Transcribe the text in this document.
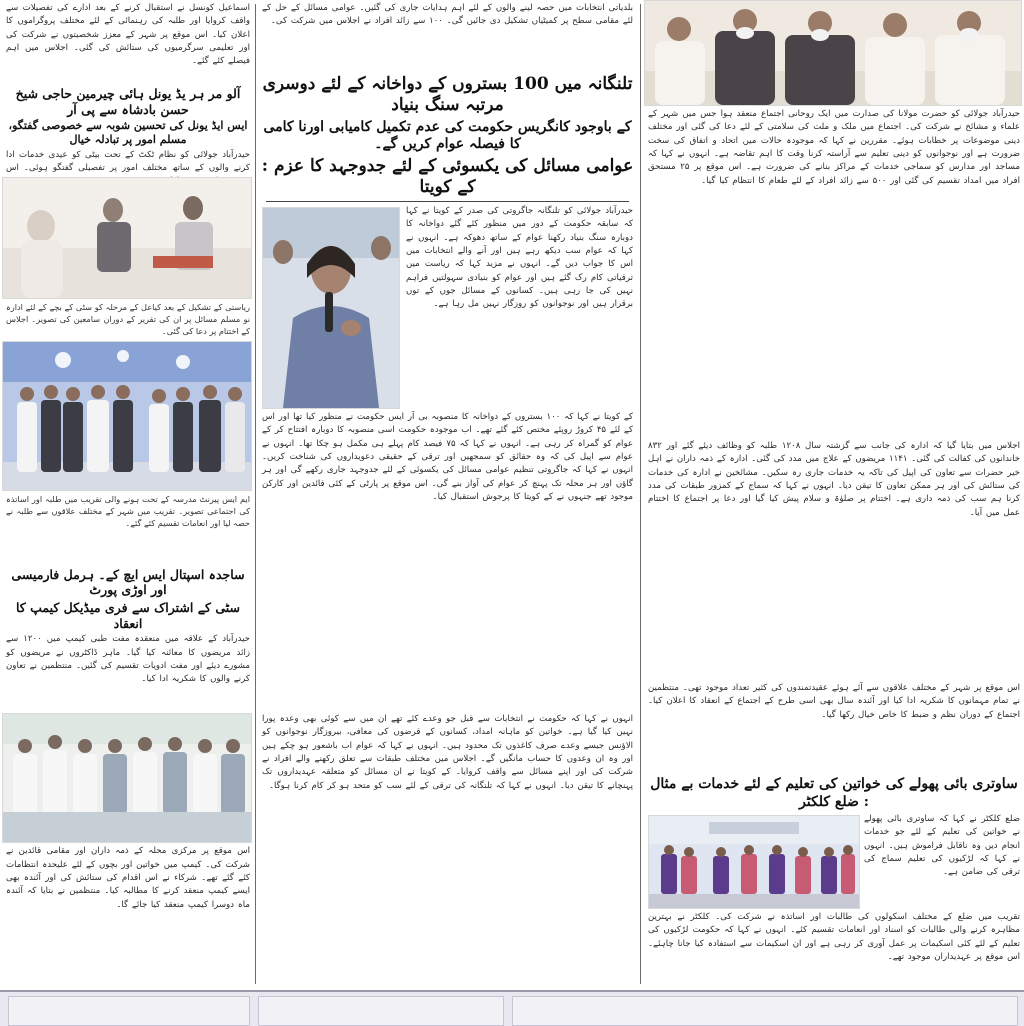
اسماعیل کونسل نے استقبال کرنے کے بعد ادارے کی تفصیلات سے واقف کروایا اور طلبہ کی رہنمائی کے لئے مختلف پروگراموں کا اعلان کیا۔ اس موقع پر شہر کے معزز شخصیتوں نے شرکت کی اور تعلیمی سرگرمیوں کی ستائش کی گئی۔ اجلاس میں اہم فیصلے کئے گئے۔
آلو مر ہر یڈ یونل ہائی چیرمین حاجی شیخ حسن بادشاہ سے پی آر
ایس ایڈ یونل کی تحسین شوبہ سے خصوصی گفتگو، مسلم امور پر تبادلہ خیال
حیدرآباد جولائی کو نظام ٹکٹ کے تحت بیٹی کو عیدی خدمات ادا کرنے والوں کے ساتھ مختلف امور پر تفصیلی گفتگو ہوئی۔ اس
ریاستی کے تشکیل کے بعد کیاعل کے مرحلہ کو سٹی کے بچے کے لئے ادارہ نو مسلم مسائل پر ان کی تقریر کے دوران سامعین کی تصویر۔ اجلاس کے اختتام پر دعا کی گئی۔
ایم ایس پیرنٹ مدرسہ کے تحت ہونے والی تقریب میں طلبہ اور اساتذہ کی اجتماعی تصویر۔ تقریب میں شہر کے مختلف علاقوں سے طلبہ نے حصہ لیا اور انعامات تقسیم کئے گئے۔
ساجدہ اسپتال ایس ایچ کے۔ ہرمل فارمیسی اور اوڑی پورٹ
سٹی کے اشتراک سے فری میڈیکل کیمپ کا انعقاد
حیدرآباد کے علاقہ میں منعقدہ مفت طبی کیمپ میں ۱۲۰۰ سے زائد مریضوں کا معائنہ کیا گیا۔ ماہر ڈاکٹروں نے مریضوں کو مشورے دیئے اور مفت ادویات تقسیم کی گئیں۔ منتظمین نے تعاون کرنے والوں کا شکریہ ادا کیا۔
اس موقع پر مرکزی محلہ کے ذمہ داران اور مقامی قائدین نے شرکت کی۔ کیمپ میں خواتین اور بچوں کے لئے علیحدہ انتظامات کئے گئے تھے۔ شرکاء نے اس اقدام کی ستائش کی اور آئندہ بھی ایسے کیمپ منعقد کرنے کا مطالبہ کیا۔ منتظمین نے بتایا کہ آئندہ ماہ دوسرا کیمپ منعقد کیا جائے گا۔
بلدیاتی انتخابات میں حصہ لینے والوں کے لئے اہم ہدایات جاری کی گئیں۔ عوامی مسائل کے حل کے لئے مقامی سطح پر کمیٹیاں تشکیل دی جائیں گی۔ ۱۰۰ سے زائد افراد نے اجلاس میں شرکت کی۔
تلنگانہ میں 100 بستروں کے دواخانہ کے لئے دوسری مرتبہ سنگ بنیاد
کے باوجود کانگریس حکومت کی عدم تکمیل کامیابی اورنا کامی کا فیصلہ عوام کریں گے۔
عوامی مسائل کی یکسوئی کے لئے جدوجہد کا عزم : کے کویتا
حیدرآباد جولائی کو تلنگانہ جاگروتی کی صدر کے کویتا نے کہا کہ سابقہ حکومت کے دور میں منظور کئے گئے دواخانہ کا دوبارہ سنگ بنیاد رکھنا عوام کے ساتھ دھوکہ ہے۔ انہوں نے کہا کہ عوام سب دیکھ رہے ہیں اور آنے والے انتخابات میں اس کا جواب دیں گے۔ انہوں نے مزید کہا کہ ریاست میں ترقیاتی کام رک گئے ہیں اور عوام کو بنیادی سہولتیں فراہم نہیں کی جا رہی ہیں۔ کسانوں کے مسائل جوں کے توں برقرار ہیں اور نوجوانوں کو روزگار نہیں مل رہا ہے۔
کے کویتا نے کہا کہ ۱۰۰ بستروں کے دواخانہ کا منصوبہ بی آر ایس حکومت نے منظور کیا تھا اور اس کے لئے ۴۵ کروڑ روپئے مختص کئے گئے تھے۔ اب موجودہ حکومت اسی منصوبہ کا دوبارہ افتتاح کر کے عوام کو گمراہ کر رہی ہے۔ انہوں نے کہا کہ ۷۵ فیصد کام پہلے ہی مکمل ہو چکا تھا۔ انہوں نے عوام سے اپیل کی کہ وہ حقائق کو سمجھیں اور ترقی کے حقیقی دعویداروں کی شناخت کریں۔ انہوں نے کہا کہ جاگروتی تنظیم عوامی مسائل کی یکسوئی کے لئے جدوجہد جاری رکھے گی اور ہر گاؤں اور ہر محلہ تک پہنچ کر عوام کی آواز بنے گی۔ اس موقع پر پارٹی کے کئی قائدین اور کارکن موجود تھے جنہوں نے کے کویتا کا پرجوش استقبال کیا۔
انہوں نے کہا کہ حکومت نے انتخابات سے قبل جو وعدے کئے تھے ان میں سے کوئی بھی وعدہ پورا نہیں کیا گیا ہے۔ خواتین کو ماہانہ امداد، کسانوں کے قرضوں کی معافی، بیروزگار نوجوانوں کو الاؤنس جیسے وعدے صرف کاغذوں تک محدود ہیں۔ انہوں نے کہا کہ عوام اب باشعور ہو چکے ہیں اور وہ ان وعدوں کا حساب مانگیں گے۔ اجلاس میں مختلف طبقات سے تعلق رکھنے والے افراد نے شرکت کی اور اپنے مسائل سے واقف کروایا۔ کے کویتا نے ان مسائل کو متعلقہ عہدیداروں تک پہنچانے کا تیقن دیا۔ انہوں نے کہا کہ تلنگانہ کی ترقی کے لئے سب کو متحد ہو کر کام کرنا ہوگا۔
حیدرآباد جولائی کو حضرت مولانا کی صدارت میں ایک روحانی اجتماع منعقد ہوا جس میں شہر کے علماء و مشائخ نے شرکت کی۔ اجتماع میں ملک و ملت کی سلامتی کے لئے دعا کی گئی اور مختلف دینی موضوعات پر خطابات ہوئے۔ مقررین نے کہا کہ موجودہ حالات میں اتحاد و اتفاق کی سخت ضرورت ہے اور نوجوانوں کو دینی تعلیم سے آراستہ کرنا وقت کا اہم تقاضہ ہے۔ انہوں نے کہا کہ مساجد اور مدارس کو سماجی خدمات کے مراکز بنانے کی ضرورت ہے۔ اس موقع پر ۲۵ مستحق افراد میں امداد تقسیم کی گئی اور ۵۰۰ سے زائد افراد کے لئے طعام کا انتظام کیا گیا۔
اجلاس میں بتایا گیا کہ ادارہ کی جانب سے گزشتہ سال ۱۲۰۸ طلبہ کو وظائف دیئے گئے اور ۸۳۲ خاندانوں کی کفالت کی گئی۔ ۱۱۴۱ مریضوں کے علاج میں مدد کی گئی۔ ادارہ کے ذمہ داران نے اہل خیر حضرات سے تعاون کی اپیل کی تاکہ یہ خدمات جاری رہ سکیں۔ مشائخین نے ادارہ کی خدمات کی ستائش کی اور ہر ممکن تعاون کا تیقن دیا۔ انہوں نے کہا کہ سماج کے کمزور طبقات کی مدد کرنا ہم سب کی ذمہ داری ہے۔ اختتام پر صلوٰۃ و سلام پیش کیا گیا اور دعا پر اجتماع کا اختتام عمل میں آیا۔
اس موقع پر شہر کے مختلف علاقوں سے آئے ہوئے عقیدتمندوں کی کثیر تعداد موجود تھی۔ منتظمین نے تمام مہمانوں کا شکریہ ادا کیا اور آئندہ سال بھی اسی طرح کے اجتماع کے انعقاد کا اعلان کیا۔ اجتماع کے دوران نظم و ضبط کا خاص خیال رکھا گیا۔
ساوتری بائی پھولے کی خواتین کی تعلیم کے لئے خدمات بے مثال : ضلع کلکٹر
ضلع کلکٹر نے کہا کہ ساوتری بائی پھولے نے خواتین کی تعلیم کے لئے جو خدمات انجام دیں وہ ناقابل فراموش ہیں۔ انہوں نے کہا کہ لڑکیوں کی تعلیم سماج کی ترقی کی ضامن ہے۔
تقریب میں ضلع کے مختلف اسکولوں کی طالبات اور اساتذہ نے شرکت کی۔ کلکٹر نے بہترین مظاہرہ کرنے والی طالبات کو اسناد اور انعامات تقسیم کئے۔ انہوں نے کہا کہ حکومت لڑکیوں کی تعلیم کے لئے کئی اسکیمات پر عمل آوری کر رہی ہے اور ان اسکیمات سے استفادہ کیا جانا چاہئے۔ اس موقع پر عہدیداران موجود تھے۔
